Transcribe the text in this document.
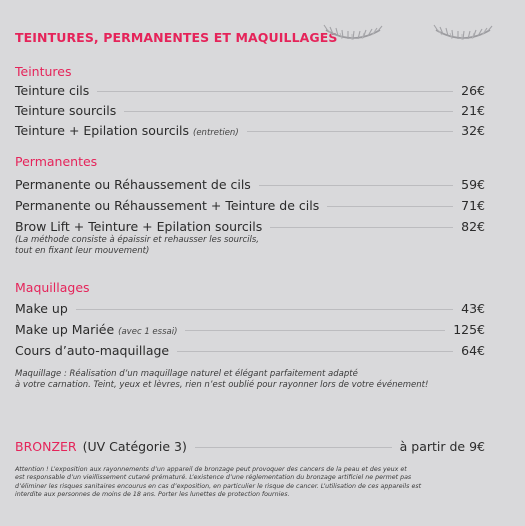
TEINTURES, PERMANENTES ET MAQUILLAGES
Teintures
Teinture cils	26€
Teinture sourcils	21€
Teinture + Epilation sourcils (entretien)	32€
Permanentes
Permanente ou Réhaussement de cils	59€
Permanente ou Réhaussement + Teinture de cils	71€
Brow Lift + Teinture + Epilation sourcils	82€
(La méthode consiste à épaissir et rehausser les sourcils,
tout en fixant leur mouvement)
Maquillages
Make up	43€
Make up Mariée (avec 1 essai)	125€
Cours d’auto-maquillage	64€
Maquillage : Réalisation d’un maquillage naturel et élégant parfaitement adapté
à votre carnation. Teint, yeux et lèvres, rien n’est oublié pour rayonner lors de votre événement!
BRONZER (UV Catégorie 3)	à partir de 9€
Attention ! L’exposition aux rayonnements d’un appareil de bronzage peut provoquer des cancers de la peau et des yeux et
est responsable d’un vieillissement cutané prématuré. L’existence d’une réglementation du bronzage artificiel ne permet pas
d’éliminer les risques sanitaires encourus en cas d’exposition, en particulier le risque de cancer. L’utilisation de ces appareils est
interdite aux personnes de moins de 18 ans. Porter les lunettes de protection fournies.
